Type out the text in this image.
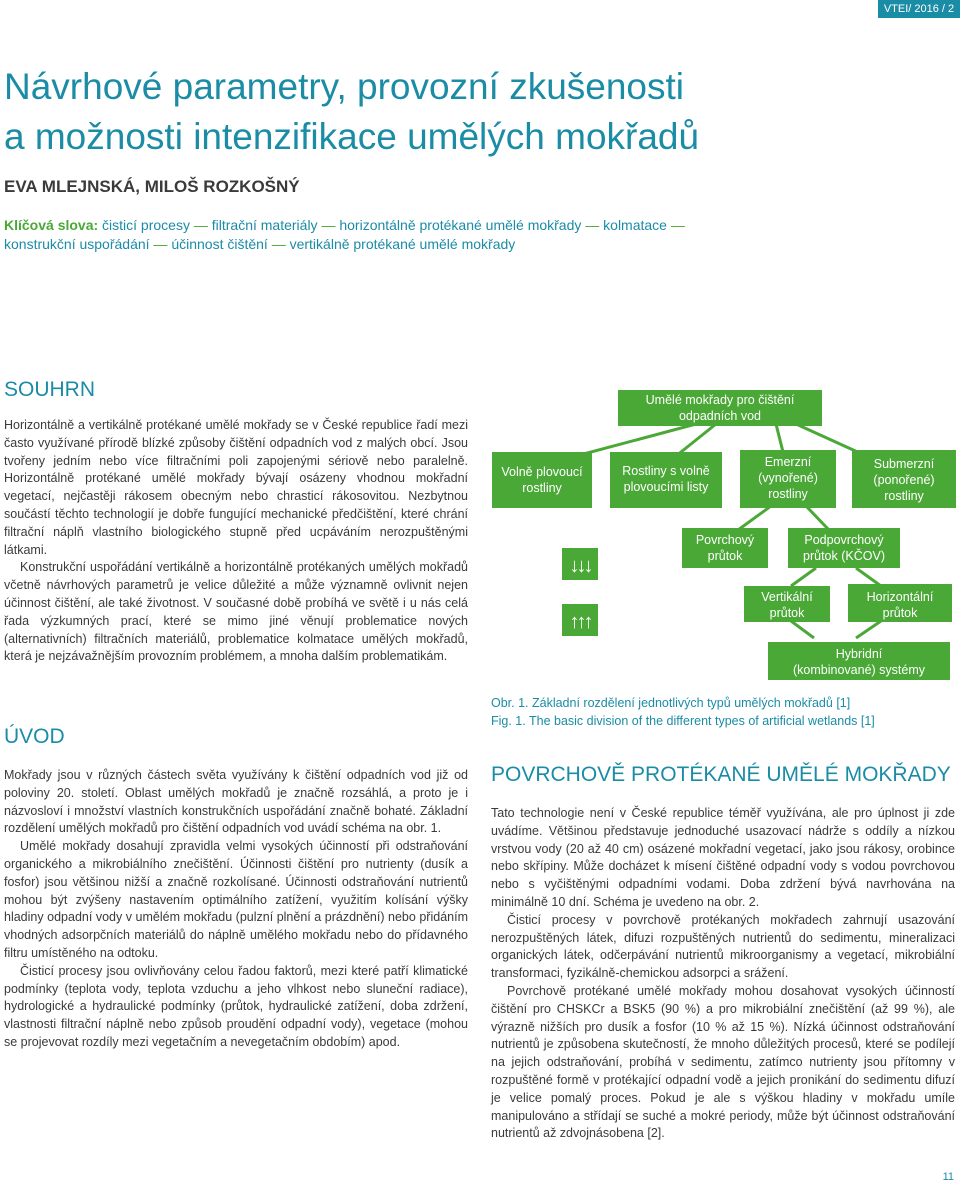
VTEI/ 2016 / 2
Návrhové parametry, provozní zkušenosti
a možnosti intenzifikace umělých mokřadů
EVA MLEJNSKÁ, MILOŠ ROZKOŠNÝ
Klíčová slova: čisticí procesy — filtrační materiály — horizontálně protékané umělé mokřady — kolmatace — konstrukční uspořádání — účinnost čištění — vertikálně protékané umělé mokřady
SOUHRN

Horizontálně a vertikálně protékané umělé mokřady se v České republice řadí mezi často využívané přírodě blízké způsoby čištění odpadních vod z malých obcí. Jsou tvořeny jedním nebo více filtračními poli zapojenými sériově nebo paralelně. Horizontálně protékané umělé mokřady bývají osázeny vhodnou mokřadní vegetací, nejčastěji rákosem obecným nebo chrasticí rákosovitou. Nezbytnou součástí těchto technologií je dobře fungující mechanické předčištění, které chrání filtrační náplň vlastního biologického stupně před ucpáváním nerozpuštěnými látkami.

Konstrukční uspořádání vertikálně a horizontálně protékaných umělých mokřadů včetně návrhových parametrů je velice důležité a může významně ovlivnit nejen účinnost čištění, ale také životnost. V současné době probíhá ve světě i u nás celá řada výzkumných prací, které se mimo jiné věnují problematice nových (alternativních) filtračních materiálů, problematice kolmatace umělých mokřadů, která je nejzávažnějším provozním problémem, a mnoha dalším problematikám.

ÚVOD

Mokřady jsou v různých částech světa využívány k čištění odpadních vod již od poloviny 20. století. Oblast umělých mokřadů je značně rozsáhlá, a proto je i názvosloví i množství vlastních konstrukčních uspořádání značně bohaté. Základní rozdělení umělých mokřadů pro čištění odpadních vod uvádí schéma na obr. 1.

Umělé mokřady dosahují zpravidla velmi vysokých účinností při odstraňování organického a mikrobiálního znečištění. Účinnosti čištění pro nutrienty (dusík a fosfor) jsou většinou nižší a značně rozkolísané. Účinnosti odstraňování nutrientů mohou být zvýšeny nastavením optimálního zatížení, využitím kolísání výšky hladiny odpadní vody v umělém mokřadu (pulzní plnění a prázdnění) nebo přidáním vhodných adsorpčních materiálů do náplně umělého mokřadu nebo do přídavného filtru umístěného na odtoku.

Čisticí procesy jsou ovlivňovány celou řadou faktorů, mezi které patří klimatické podmínky (teplota vody, teplota vzduchu a jeho vlhkost nebo sluneční radiace), hydrologické a hydraulické podmínky (průtok, hydraulické zatížení, doba zdržení, vlastnosti filtrační náplně nebo způsob proudění odpadní vody), vegetace (mohou se projevovat rozdíly mezi vegetačním a nevegetačním obdobím) apod.

Umělé mokřady pro čištění
odpadních vod
Volně plovoucí
rostliny
Rostliny s volně
plovoucími listy
Emerzní
(vynořené)
rostliny
Submerzní
(ponořené)
rostliny
Povrchový
průtok
Podpovrchový
průtok (KČOV)
Vertikální
průtok
Horizontální
průtok
Hybridní
(kombinované) systémy
↓↓↓
↑↑↑
Obr. 1. Základní rozdělení jednotlivých typů umělých mokřadů [1]
Fig. 1. The basic division of the different types of artificial wetlands [1]
POVRCHOVĚ PROTÉKANÉ UMĚLÉ MOKŘADY

Tato technologie není v České republice téměř využívána, ale pro úplnost ji zde uvádíme. Většinou představuje jednoduché usazovací nádrže s oddíly a nízkou vrstvou vody (20 až 40 cm) osázené mokřadní vegetací, jako jsou rákosy, orobince nebo skřípiny. Může docházet k mísení čištěné odpadní vody s vodou povrchovou nebo s vyčištěnými odpadními vodami. Doba zdržení bývá navrhována na minimálně 10 dní. Schéma je uvedeno na obr. 2.

Čisticí procesy v povrchově protékaných mokřadech zahrnují usazování nerozpuštěných látek, difuzi rozpuštěných nutrientů do sedimentu, mineralizaci organických látek, odčerpávání nutrientů mikroorganismy a vegetací, mikrobiální transformaci, fyzikálně-chemickou adsorpci a srážení.

Povrchově protékané umělé mokřady mohou dosahovat vysokých účinností čištění pro CHSKCr a BSK5 (90 %) a pro mikrobiální znečištění (až 99 %), ale výrazně nižších pro dusík a fosfor (10 % až 15 %). Nízká účinnost odstraňování nutrientů je způsobena skutečností, že mnoho důležitých procesů, které se podílejí na jejich odstraňování, probíhá v sedimentu, zatímco nutrienty jsou přítomny v rozpuštěné formě v protékající odpadní vodě a jejich pronikání do sedimentu difuzí je velice pomalý proces. Pokud je ale s výškou hladiny v mokřadu umíle manipulováno a střídají se suché a mokré periody, může být účinnost odstraňování nutrientů až zdvojnásobena [2].

11
